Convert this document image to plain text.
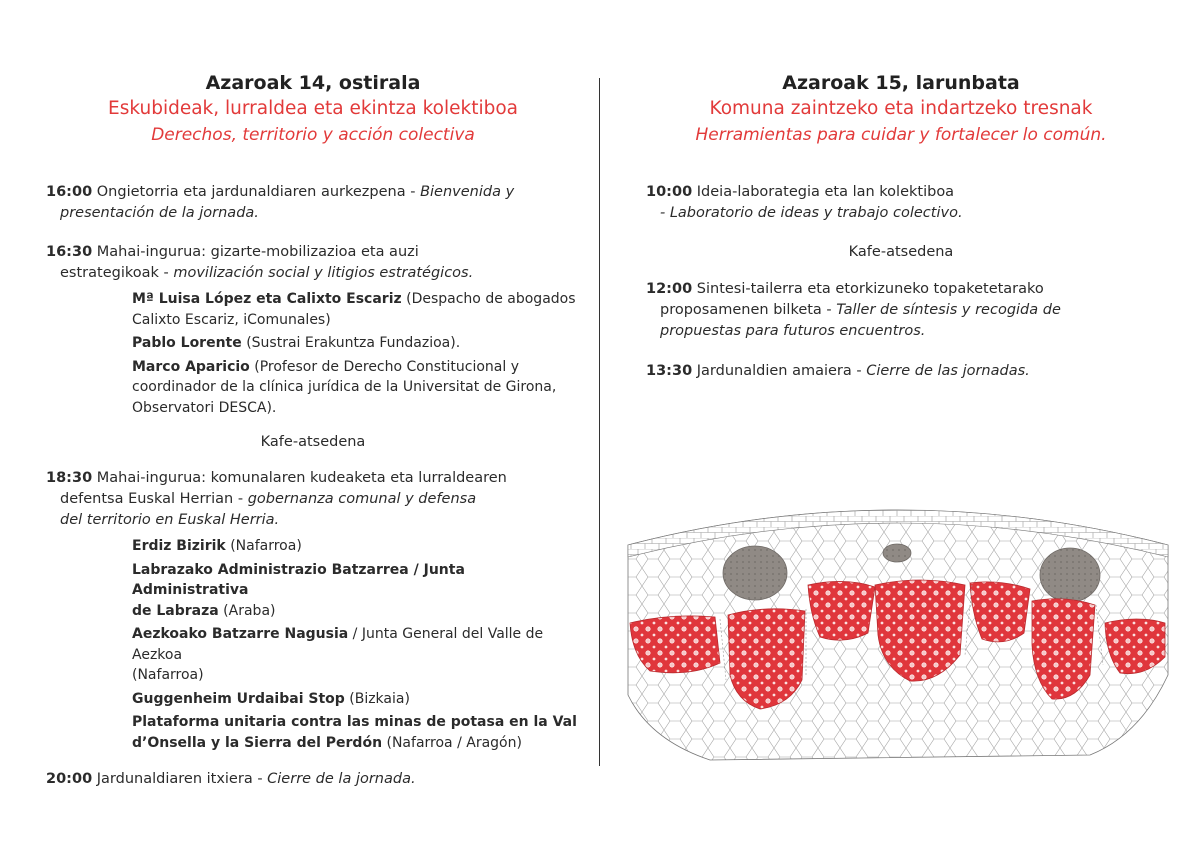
Azaroak 14, ostirala
Eskubideak, lurraldea eta ekintza kolektiboa
Derechos, territorio y acción colectiva

16:00 Ongietorria eta jardunaldiaren aurkezpena - Bienvenida y

presentación de la jornada.

16:30 Mahai-ingurua: gizarte-mobilizazioa eta auzi

estrategikoak - movilización social y litigios estratégicos.

Mª Luisa López eta Calixto Escariz (Despacho de abogados
Calixto Escariz, iComunales)

Pablo Lorente (Sustrai Erakuntza Fundazioa).

Marco Aparicio (Profesor de Derecho Constitucional y
coordinador de la clínica jurídica de la Universitat de Girona,
Observatori DESCA).

Kafe-atsedena

18:30 Mahai-ingurua: komunalaren kudeaketa eta lurraldearen

defentsa Euskal Herrian - gobernanza comunal y defensa

del territorio en Euskal Herria.

Erdiz Bizirik (Nafarroa)

Labrazako Administrazio Batzarrea / Junta Administrativa
de Labraza (Araba)

Aezkoako Batzarre Nagusia / Junta General del Valle de Aezkoa
(Nafarroa)

Guggenheim Urdaibai Stop (Bizkaia)

Plataforma unitaria contra las minas de potasa en la Val
d’Onsella y la Sierra del Perdón (Nafarroa / Aragón)

20:00 Jardunaldiaren itxiera - Cierre de la jornada.

Azaroak 15, larunbata
Komuna zaintzeko eta indartzeko tresnak
Herramientas para cuidar y fortalecer lo común.

10:00 Ideia-laborategia eta lan kolektiboa

- Laboratorio de ideas y trabajo colectivo.

Kafe-atsedena

12:00 Sintesi-tailerra eta etorkizuneko topaketetarako

proposamenen bilketa - Taller de síntesis y recogida de

propuestas para futuros encuentros.

13:30 Jardunaldien amaiera - Cierre de las jornadas.
